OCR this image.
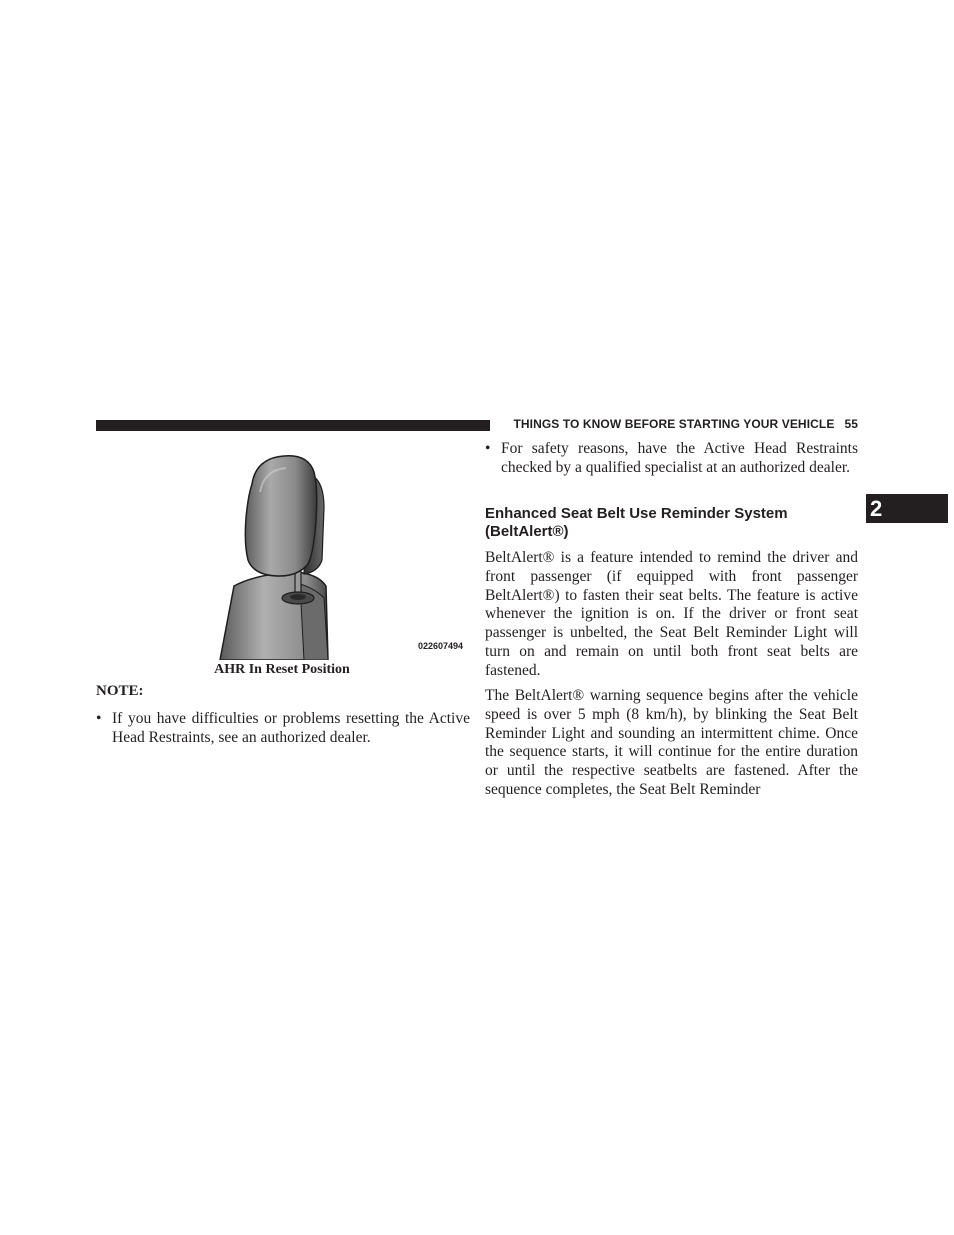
THINGS TO KNOW BEFORE STARTING YOUR VEHICLE 55
2
022607494
AHR In Reset Position
NOTE:
• If you have difficulties or problems resetting the Active Head Restraints, see an authorized dealer.
• For safety reasons, have the Active Head Restraints checked by a qualified specialist at an authorized dealer.
Enhanced Seat Belt Use Reminder System (BeltAlert®)
BeltAlert® is a feature intended to remind the driver and front passenger (if equipped with front passenger BeltAlert®) to fasten their seat belts. The feature is active whenever the ignition is on. If the driver or front seat passenger is unbelted, the Seat Belt Reminder Light will turn on and remain on until both front seat belts are fastened.
The BeltAlert® warning sequence begins after the vehicle speed is over 5 mph (8 km/h), by blinking the Seat Belt Reminder Light and sounding an intermittent chime. Once the sequence starts, it will continue for the entire duration or until the respective seatbelts are fastened. After the sequence completes, the Seat Belt Reminder
